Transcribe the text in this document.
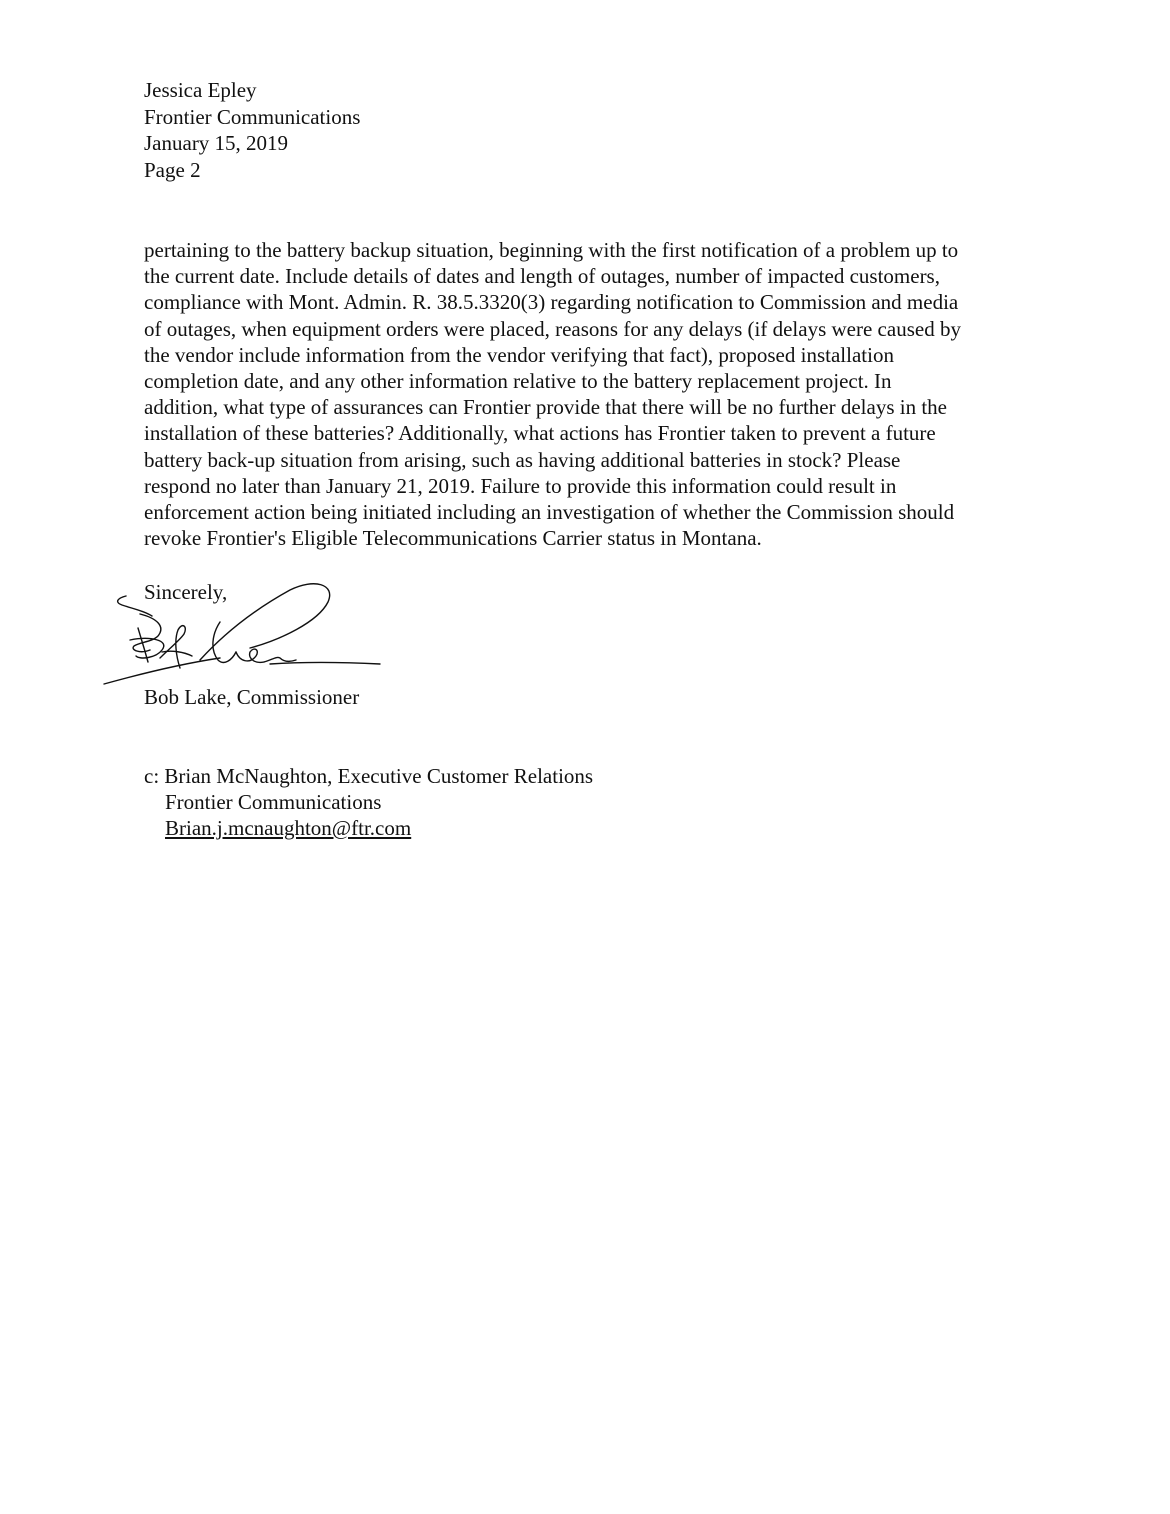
Jessica Epley
Frontier Communications
January 15, 2019
Page 2

pertaining to the battery backup situation, beginning with the first notification of a problem up to
the current date. Include details of dates and length of outages, number of impacted customers,
compliance with Mont. Admin. R. 38.5.3320(3) regarding notification to Commission and media
of outages, when equipment orders were placed, reasons for any delays (if delays were caused by
the vendor include information from the vendor verifying that fact), proposed installation
completion date, and any other information relative to the battery replacement project. In
addition, what type of assurances can Frontier provide that there will be no further delays in the
installation of these batteries? Additionally, what actions has Frontier taken to prevent a future
battery back-up situation from arising, such as having additional batteries in stock? Please
respond no later than January 21, 2019. Failure to provide this information could result in
enforcement action being initiated including an investigation of whether the Commission should
revoke Frontier's Eligible Telecommunications Carrier status in Montana.

Sincerely,
Bob Lake, Commissioner
c: Brian McNaughton, Executive Customer Relations
Frontier Communications
Brian.j.mcnaughton@ftr.com
